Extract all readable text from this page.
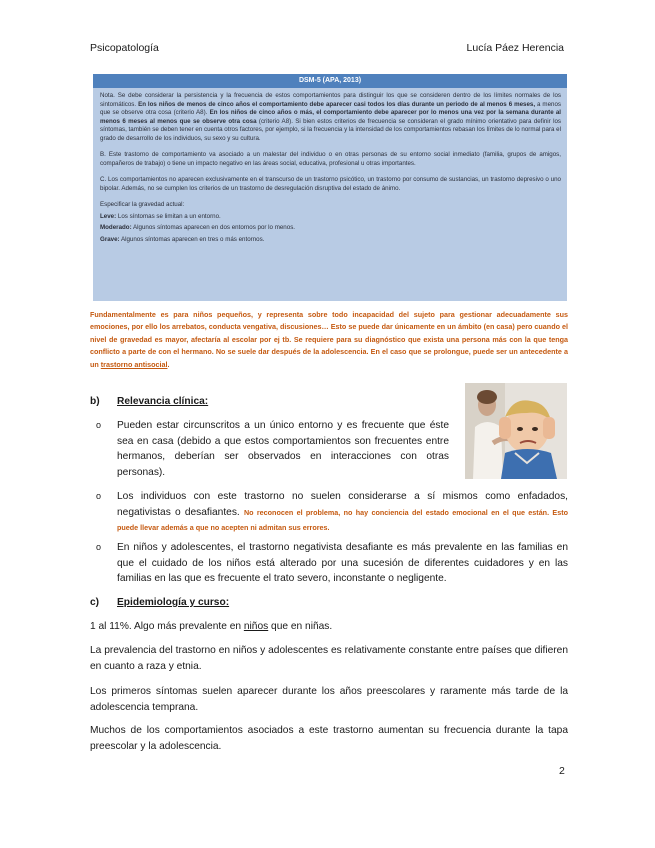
Psicopatología	Lucía Páez Herencia
DSM-5 (APA, 2013)

Nota. Se debe considerar la persistencia y la frecuencia de estos comportamientos para distinguir los que se consideren dentro de los límites normales de los sintomáticos. En los niños de menos de cinco años el comportamiento debe aparecer casi todos los días durante un periodo de al menos 6 meses, a menos que se observe otra cosa (criterio A8). En los niños de cinco años o más, el comportamiento debe aparecer por lo menos una vez por la semana durante al menos 6 meses al menos que se observe otra cosa (criterio A8). Si bien estos criterios de frecuencia se consideran el grado mínimo orientativo para definir los síntomas, también se deben tener en cuenta otros factores, por ejemplo, si la frecuencia y la intensidad de los comportamientos rebasan los límites de lo normal para el grado de desarrollo de los individuos, su sexo y su cultura.

B. Este trastorno de comportamiento va asociado a un malestar del individuo o en otras personas de su entorno social inmediato (familia, grupos de amigos, compañeros de trabajo) o tiene un impacto negativo en las áreas social, educativa, profesional u otras importantes.

C. Los comportamientos no aparecen exclusivamente en el transcurso de un trastorno psicótico, un trastorno por consumo de sustancias, un trastorno depresivo o uno bipolar. Además, no se cumplen los criterios de un trastorno de desregulación disruptiva del estado de ánimo.

Especificar la gravedad actual:

Leve: Los síntomas se limitan a un entorno.

Moderado: Algunos síntomas aparecen en dos entornos por lo menos.

Grave: Algunos síntomas aparecen en tres o más entornos.

Fundamentalmente es para niños pequeños, y representa sobre todo incapacidad del sujeto para gestionar adecuadamente sus emociones, por ello los arrebatos, conducta vengativa, discusiones… Esto se puede dar únicamente en un ámbito (en casa) pero cuando el nivel de gravedad es mayor, afectaría al escolar por ej tb. Se requiere para su diagnóstico que exista una persona más con la que tenga conflicto a parte de con el hermano. No se suele dar después de la adolescencia. En el caso que se prolongue, puede ser un antecedente a un trastorno antisocial.
b) Relevancia clínica:
o Pueden estar circunscritos a un único entorno y es frecuente que éste sea en casa (debido a que estos comportamientos son frecuentes entre hermanos, deberían ser observados en interacciones con otras personas).
o Los individuos con este trastorno no suelen considerarse a sí mismos como enfadados, negativistas o desafiantes. No reconocen el problema, no hay conciencia del estado emocional en el que están. Esto puede llevar además a que no acepten ni admitan sus errores.
o En niños y adolescentes, el trastorno negativista desafiante es más prevalente en las familias en que el cuidado de los niños está alterado por una sucesión de diferentes cuidadores y en las familias en las que es frecuente el trato severo, inconstante o negligente.
c) Epidemiología y curso:
1 al 11%. Algo más prevalente en niños que en niñas.
La prevalencia del trastorno en niños y adolescentes es relativamente constante entre países que difieren en cuanto a raza y etnia.
Los primeros síntomas suelen aparecer durante los años preescolares y raramente más tarde de la adolescencia temprana.
Muchos de los comportamientos asociados a este trastorno aumentan su frecuencia durante la tapa preescolar y la adolescencia.
2
